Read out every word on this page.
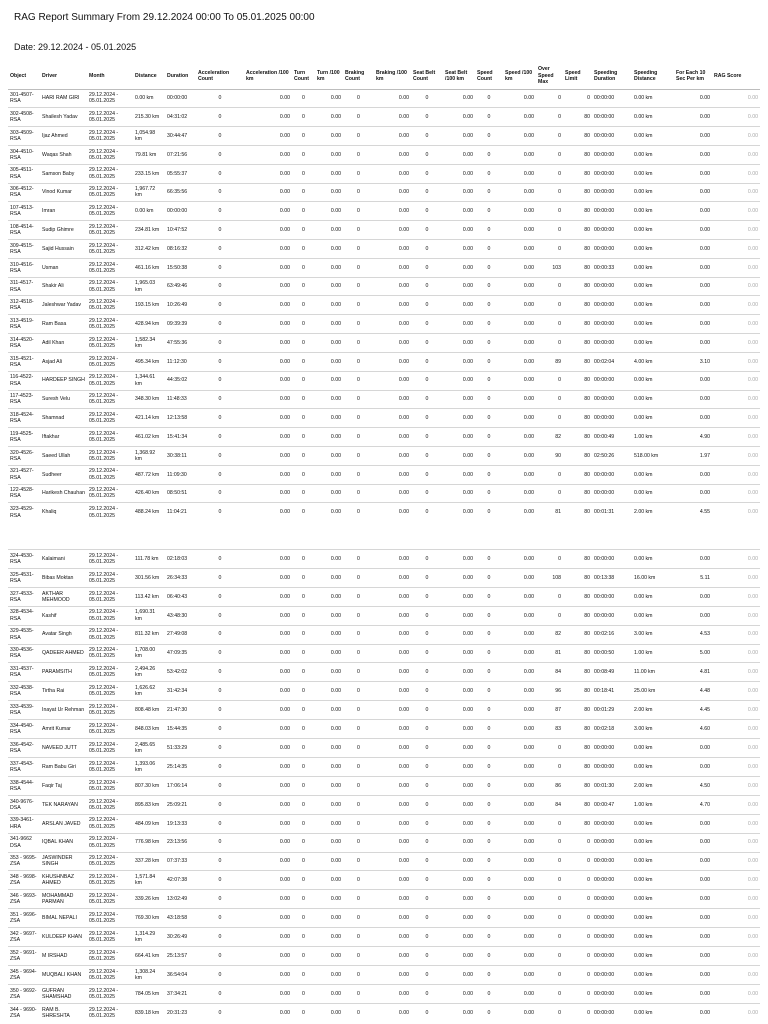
RAG Report Summary From 29.12.2024 00:00 To 05.01.2025 00:00
Date: 29.12.2024 - 05.01.2025
Object	Driver	Month	Distance	Duration	Acceleration Count	Acceleration /100 km	Turn Count	Turn /100 km	Braking Count	Braking /100 km	Seat Belt Count	Seat Belt /100 km	Speed Count	Speed /100 km	Over Speed Max	Speed Limit	Speeding Duration	Speeding Distance	For Each 10 Sec Per km	RAG Score
301-4507-RSA	HARI RAM GIRI	29.12.2024 - 05.01.2025	0.00 km	00:00:00	0	0.00	0	0.00	0	0.00	0	0.00	0	0.00	0	0	00:00:00	0.00 km	0.00	0.00
302-4508-RSA	Shailesh Yadav	29.12.2024 - 05.01.2025	215.30 km	04:31:02	0	0.00	0	0.00	0	0.00	0	0.00	0	0.00	0	80	00:00:00	0.00 km	0.00	0.00
303-4509-RSA	Ijaz Ahmed	29.12.2024 - 05.01.2025	1,054.98 km	30:44:47	0	0.00	0	0.00	0	0.00	0	0.00	0	0.00	0	80	00:00:00	0.00 km	0.00	0.00
304-4510-RSA	Waqas Shah	29.12.2024 - 05.01.2025	79.81 km	07:21:56	0	0.00	0	0.00	0	0.00	0	0.00	0	0.00	0	80	00:00:00	0.00 km	0.00	0.00
305-4511-RSA	Samson Baby	29.12.2024 - 05.01.2025	233.15 km	05:55:37	0	0.00	0	0.00	0	0.00	0	0.00	0	0.00	0	80	00:00:00	0.00 km	0.00	0.00
306-4512-RSA	Vinod Kumar	29.12.2024 - 05.01.2025	1,967.72 km	66:35:56	0	0.00	0	0.00	0	0.00	0	0.00	0	0.00	0	80	00:00:00	0.00 km	0.00	0.00
107-4513-RSA	Imran	29.12.2024 - 05.01.2025	0.00 km	00:00:00	0	0.00	0	0.00	0	0.00	0	0.00	0	0.00	0	80	00:00:00	0.00 km	0.00	0.00
108-4514-RSA	Sudip Ghimre	29.12.2024 - 05.01.2025	234.81 km	10:47:52	0	0.00	0	0.00	0	0.00	0	0.00	0	0.00	0	80	00:00:00	0.00 km	0.00	0.00
309-4515-RSA	Sajid Hussain	29.12.2024 - 05.01.2025	312.42 km	08:16:32	0	0.00	0	0.00	0	0.00	0	0.00	0	0.00	0	80	00:00:00	0.00 km	0.00	0.00
310-4516-RSA	Usman	29.12.2024 - 05.01.2025	461.16 km	15:50:38	0	0.00	0	0.00	0	0.00	0	0.00	0	0.00	103	80	00:00:33	0.00 km	0.00	0.00
311-4517-RSA	Shakir Ali	29.12.2024 - 05.01.2025	1,965.03 km	63:49:46	0	0.00	0	0.00	0	0.00	0	0.00	0	0.00	0	80	00:00:00	0.00 km	0.00	0.00
312-4518-RSA	Jaleshwar Yadav	29.12.2024 - 05.01.2025	193.15 km	10:26:49	0	0.00	0	0.00	0	0.00	0	0.00	0	0.00	0	80	00:00:00	0.00 km	0.00	0.00
313-4519-RSA	Ram Basa	29.12.2024 - 05.01.2025	428.94 km	09:39:39	0	0.00	0	0.00	0	0.00	0	0.00	0	0.00	0	80	00:00:00	0.00 km	0.00	0.00
314-4520-RSA	Adil Khan	29.12.2024 - 05.01.2025	1,582.34 km	47:55:36	0	0.00	0	0.00	0	0.00	0	0.00	0	0.00	0	80	00:00:00	0.00 km	0.00	0.00
315-4521-RSA	Asjad Ali	29.12.2024 - 05.01.2025	495.34 km	11:12:30	0	0.00	0	0.00	0	0.00	0	0.00	0	0.00	89	80	00:02:04	4.00 km	3.10	0.00
116-4522-RSA	HARDEEP SINGH	29.12.2024 - 05.01.2025	1,344.61 km	44:35:02	0	0.00	0	0.00	0	0.00	0	0.00	0	0.00	0	80	00:00:00	0.00 km	0.00	0.00
117-4523-RSA	Suresh Velu	29.12.2024 - 05.01.2025	348.30 km	11:48:33	0	0.00	0	0.00	0	0.00	0	0.00	0	0.00	0	80	00:00:00	0.00 km	0.00	0.00
318-4524-RSA	Shamnad	29.12.2024 - 05.01.2025	421.14 km	12:13:58	0	0.00	0	0.00	0	0.00	0	0.00	0	0.00	0	80	00:00:00	0.00 km	0.00	0.00
119-4525-RSA	Iftakhar	29.12.2024 - 05.01.2025	461.02 km	15:41:34	0	0.00	0	0.00	0	0.00	0	0.00	0	0.00	82	80	00:00:49	1.00 km	4.90	0.00
320-4526-RSA	Saeed Ullah	29.12.2024 - 05.01.2025	1,368.92 km	30:38:11	0	0.00	0	0.00	0	0.00	0	0.00	0	0.00	90	80	02:50:26	518.00 km	1.97	0.00
321-4527-RSA	Sudheer	29.12.2024 - 05.01.2025	487.72 km	11:09:30	0	0.00	0	0.00	0	0.00	0	0.00	0	0.00	0	80	00:00:00	0.00 km	0.00	0.00
122-4528-RSA	Harikesh Chauhan	29.12.2024 - 05.01.2025	426.40 km	08:50:51	0	0.00	0	0.00	0	0.00	0	0.00	0	0.00	0	80	00:00:00	0.00 km	0.00	0.00
323-4529-RSA	Khaliq	29.12.2024 - 05.01.2025	488.24 km	11:04:21	0	0.00	0	0.00	0	0.00	0	0.00	0	0.00	81	80	00:01:31	2.00 km	4.55	0.00
324-4530-RSA	Kalaimani	29.12.2024 - 05.01.2025	111.78 km	02:18:03	0	0.00	0	0.00	0	0.00	0	0.00	0	0.00	0	80	00:00:00	0.00 km	0.00	0.00
325-4531-RSA	Bibas Moktan	29.12.2024 - 05.01.2025	301.56 km	26:34:33	0	0.00	0	0.00	0	0.00	0	0.00	0	0.00	108	80	00:13:38	16.00 km	5.11	0.00
327-4533-RSA	AKTHAR MEHMOOD	29.12.2024 - 05.01.2025	113.42 km	06:40:43	0	0.00	0	0.00	0	0.00	0	0.00	0	0.00	0	80	00:00:00	0.00 km	0.00	0.00
328-4534-RSA	Kashif	29.12.2024 - 05.01.2025	1,690.31 km	43:48:30	0	0.00	0	0.00	0	0.00	0	0.00	0	0.00	0	80	00:00:00	0.00 km	0.00	0.00
329-4535-RSA	Avatar Singh	29.12.2024 - 05.01.2025	811.32 km	27:49:08	0	0.00	0	0.00	0	0.00	0	0.00	0	0.00	82	80	00:02:16	3.00 km	4.53	0.00
330-4536-RSA	QADEER AHMED	29.12.2024 - 05.01.2025	1,708.00 km	47:09:35	0	0.00	0	0.00	0	0.00	0	0.00	0	0.00	81	80	00:00:50	1.00 km	5.00	0.00
331-4537-RSA	PARAMSITH	29.12.2024 - 05.01.2025	2,494.26 km	53:42:02	0	0.00	0	0.00	0	0.00	0	0.00	0	0.00	84	80	00:08:49	11.00 km	4.81	0.00
332-4538-RSA	Tirtha Rai	29.12.2024 - 05.01.2025	1,626.62 km	31:42:34	0	0.00	0	0.00	0	0.00	0	0.00	0	0.00	96	80	00:18:41	25.00 km	4.48	0.00
333-4539-RSA	Inayat Ur Rehman	29.12.2024 - 05.01.2025	808.48 km	21:47:30	0	0.00	0	0.00	0	0.00	0	0.00	0	0.00	87	80	00:01:29	2.00 km	4.45	0.00
334-4540-RSA	Amrit Kumar	29.12.2024 - 05.01.2025	848.03 km	15:44:35	0	0.00	0	0.00	0	0.00	0	0.00	0	0.00	83	80	00:02:18	3.00 km	4.60	0.00
336-4542-RSA	NAVEED JUTT	29.12.2024 - 05.01.2025	2,485.65 km	51:33:29	0	0.00	0	0.00	0	0.00	0	0.00	0	0.00	0	80	00:00:00	0.00 km	0.00	0.00
337-4543-RSA	Ram Babu Giri	29.12.2024 - 05.01.2025	1,393.06 km	25:14:35	0	0.00	0	0.00	0	0.00	0	0.00	0	0.00	0	80	00:00:00	0.00 km	0.00	0.00
338-4544-RSA	Faqir Taj	29.12.2024 - 05.01.2025	807.30 km	17:06:14	0	0.00	0	0.00	0	0.00	0	0.00	0	0.00	86	80	00:01:30	2.00 km	4.50	0.00
340-9676-DSA	TEK NARAYAN	29.12.2024 - 05.01.2025	895.83 km	25:09:21	0	0.00	0	0.00	0	0.00	0	0.00	0	0.00	84	80	00:00:47	1.00 km	4.70	0.00
339-3461-HRA	ARSLAN JAVED	29.12.2024 - 05.01.2025	484.09 km	19:13:33	0	0.00	0	0.00	0	0.00	0	0.00	0	0.00	0	80	00:00:00	0.00 km	0.00	0.00
341-9662 DSA	IQBAL KHAN	29.12.2024 - 05.01.2025	776.98 km	23:13:56	0	0.00	0	0.00	0	0.00	0	0.00	0	0.00	0	0	00:00:00	0.00 km	0.00	0.00
353 - 9695-ZSA	JASWINDER SINGH	29.12.2024 - 05.01.2025	337.28 km	07:37:33	0	0.00	0	0.00	0	0.00	0	0.00	0	0.00	0	0	00:00:00	0.00 km	0.00	0.00
348 - 9698-ZSA	KHUSHNBAZ AHMED	29.12.2024 - 05.01.2025	1,571.84 km	42:07:38	0	0.00	0	0.00	0	0.00	0	0.00	0	0.00	0	0	00:00:00	0.00 km	0.00	0.00
346 - 9693-ZSA	MOHAMMAD PARMAN	29.12.2024 - 05.01.2025	339.26 km	13:02:49	0	0.00	0	0.00	0	0.00	0	0.00	0	0.00	0	0	00:00:00	0.00 km	0.00	0.00
351 - 9696-ZSA	BIMAL NEPALI	29.12.2024 - 05.01.2025	769.30 km	43:18:58	0	0.00	0	0.00	0	0.00	0	0.00	0	0.00	0	0	00:00:00	0.00 km	0.00	0.00
342 - 9697-ZSA	KULDEEP KHAN	29.12.2024 - 05.01.2025	1,314.29 km	30:26:49	0	0.00	0	0.00	0	0.00	0	0.00	0	0.00	0	0	00:00:00	0.00 km	0.00	0.00
352 - 9691-ZSA	M IRSHAD	29.12.2024 - 05.01.2025	664.41 km	25:13:57	0	0.00	0	0.00	0	0.00	0	0.00	0	0.00	0	0	00:00:00	0.00 km	0.00	0.00
345 - 9694-ZSA	MUQBALI KHAN	29.12.2024 - 05.01.2025	1,308.24 km	36:54:04	0	0.00	0	0.00	0	0.00	0	0.00	0	0.00	0	0	00:00:00	0.00 km	0.00	0.00
350 - 9692-ZSA	GUFRAN SHAMSHAD	29.12.2024 - 05.01.2025	784.05 km	37:34:21	0	0.00	0	0.00	0	0.00	0	0.00	0	0.00	0	0	00:00:00	0.00 km	0.00	0.00
344 - 9690-ZSA	RAM B. SHRESHTA	29.12.2024 - 05.01.2025	839.18 km	20:31:23	0	0.00	0	0.00	0	0.00	0	0.00	0	0.00	0	0	00:00:00	0.00 km	0.00	0.00
